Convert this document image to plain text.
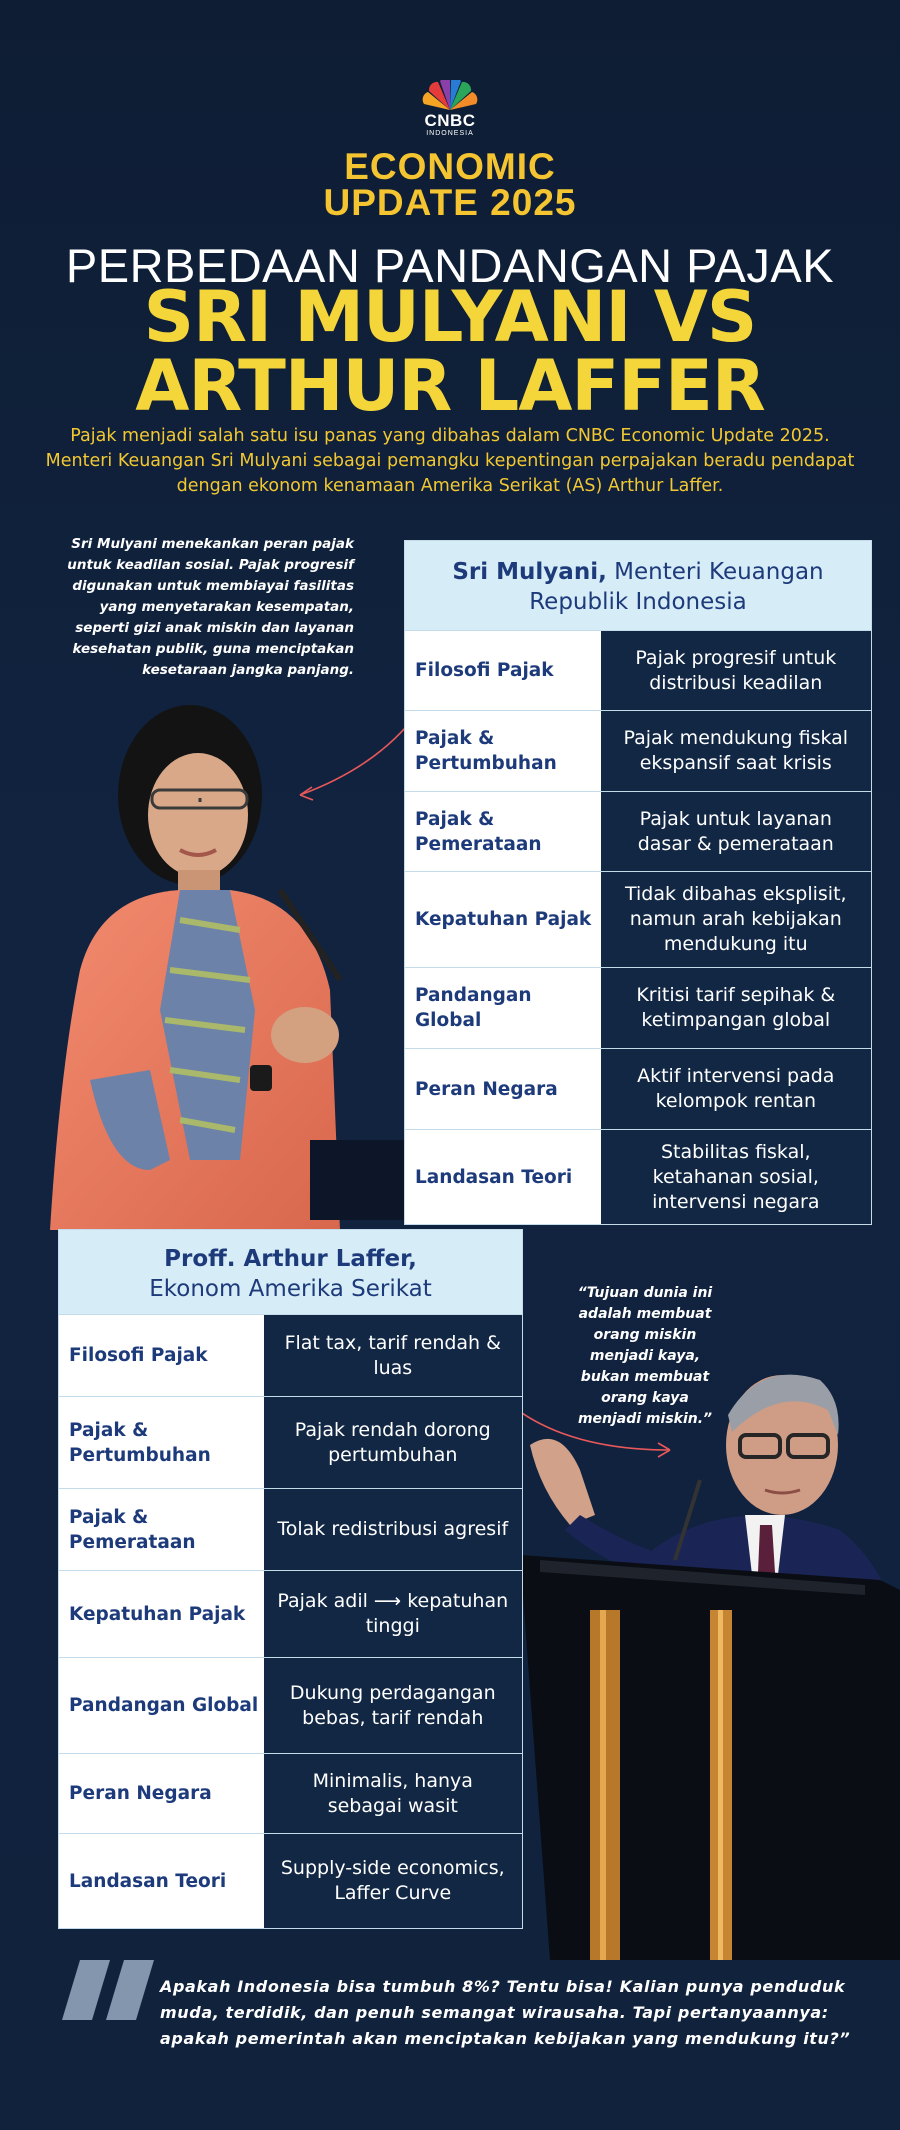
CNBC
INDONESIA
ECONOMIC
UPDATE 2025
PERBEDAAN PANDANGAN PAJAK
SRI MULYANI VS
ARTHUR LAFFER
Pajak menjadi salah satu isu panas yang dibahas dalam CNBC Economic Update 2025. Menteri Keuangan Sri Mulyani sebagai pemangku kepentingan perpajakan beradu pendapat dengan ekonom kenamaan Amerika Serikat (AS) Arthur Laffer.
Sri Mulyani menekankan peran pajak untuk keadilan sosial. Pajak progresif digunakan untuk membiayai fasilitas yang menyetarakan kesempatan, seperti gizi anak miskin dan layanan kesehatan publik, guna menciptakan kesetaraan jangka panjang.
“Tujuan dunia ini adalah membuat orang miskin menjadi kaya, bukan membuat orang kaya menjadi miskin.”
Sri Mulyani, Menteri Keuangan
Republik Indonesia
Filosofi Pajak
Pajak progresif untuk distribusi keadilan
Pajak & Pertumbuhan
Pajak mendukung fiskal ekspansif saat krisis
Pajak & Pemerataan
Pajak untuk layanan dasar & pemerataan
Kepatuhan Pajak
Tidak dibahas eksplisit, namun arah kebijakan mendukung itu
Pandangan Global
Kritisi tarif sepihak & ketimpangan global
Peran Negara
Aktif intervensi pada kelompok rentan
Landasan Teori
Stabilitas fiskal, ketahanan sosial, intervensi negara
Proff. Arthur Laffer,
Ekonom Amerika Serikat
Filosofi Pajak
Flat tax, tarif rendah & luas
Pajak & Pertumbuhan
Pajak rendah dorong pertumbuhan
Pajak & Pemerataan
Tolak redistribusi agresif
Kepatuhan Pajak
Pajak adil ⟶ kepatuhan tinggi
Pandangan Global
Dukung perdagangan bebas, tarif rendah
Peran Negara
Minimalis, hanya sebagai wasit
Landasan Teori
Supply-side economics, Laffer Curve
Apakah Indonesia bisa tumbuh 8%? Tentu bisa! Kalian punya penduduk muda, terdidik, dan penuh semangat wirausaha. Tapi pertanyaannya: apakah pemerintah akan menciptakan kebijakan yang mendukung itu?”
